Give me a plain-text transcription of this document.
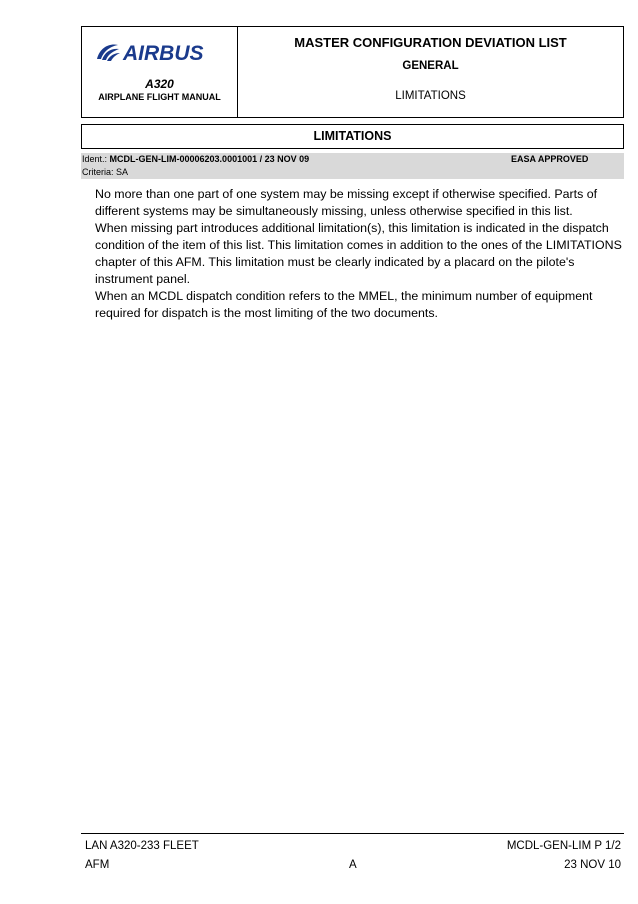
AIRBUS
A320
AIRPLANE FLIGHT MANUAL
MASTER CONFIGURATION DEVIATION LIST
GENERAL
LIMITATIONS
LIMITATIONS
Ident.: MCDL-GEN-LIM-00006203.0001001 / 23 NOV 09	EASA APPROVED
Criteria: SA

No more than one part of one system may be missing except if otherwise specified. Parts of different systems may be simultaneously missing, unless otherwise specified in this list.

When missing part introduces additional limitation(s), this limitation is indicated in the dispatch condition of the item of this list. This limitation comes in addition to the ones of the LIMITATIONS chapter of this AFM. This limitation must be clearly indicated by a placard on the pilote's instrument panel.

When an MCDL dispatch condition refers to the MMEL, the minimum number of equipment required for dispatch is the most limiting of the two documents.

LAN A320-233 FLEET	MCDL-GEN-LIM P 1/2
AFM	A	23 NOV 10
